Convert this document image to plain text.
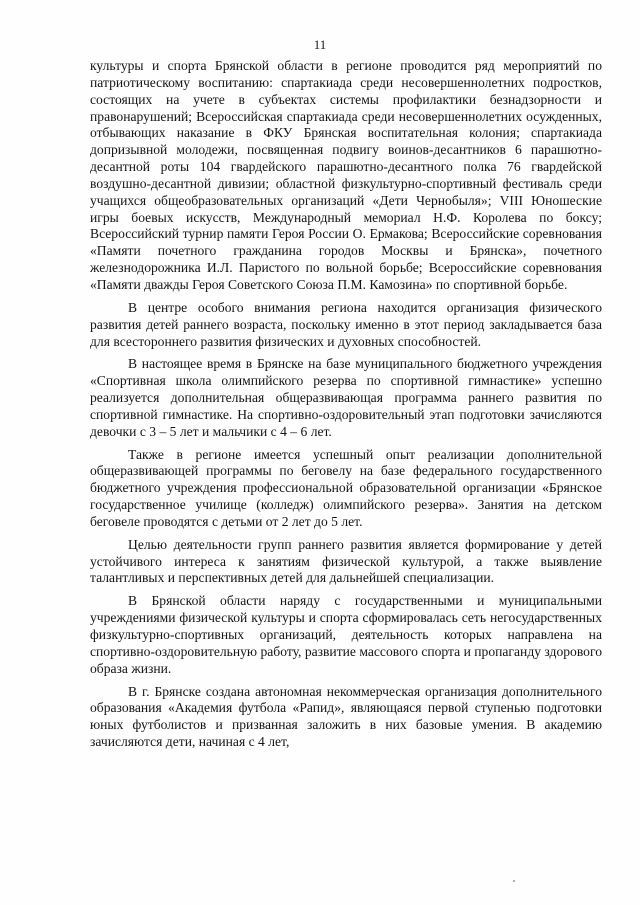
11

культуры и спорта Брянской области в регионе проводится ряд мероприятий по патриотическому воспитанию: спартакиада среди несовершеннолетних подростков, состоящих на учете в субъектах системы профилактики безнадзорности и правонарушений; Всероссийская спартакиада среди несовершеннолетних осужденных, отбывающих наказание в ФКУ Брянская воспитательная колония; спартакиада допризывной молодежи, посвященная подвигу воинов-десантников 6 парашютно-десантной роты 104 гвардейского парашютно-десантного полка 76 гвардейской воздушно-десантной дивизии; областной физкультурно-спортивный фестиваль среди учащихся общеобразовательных организаций «Дети Чернобыля»; VIII Юношеские игры боевых искусств, Международный мемориал Н.Ф. Королева по боксу; Всероссийский турнир памяти Героя России О. Ермакова; Всероссийские соревнования «Памяти почетного гражданина городов Москвы и Брянска», почетного железнодорожника И.Л. Паристого по вольной борьбе; Всероссийские соревнования «Памяти дважды Героя Советского Союза П.М. Камозина» по спортивной борьбе.

В центре особого внимания региона находится организация физического развития детей раннего возраста, поскольку именно в этот период закладывается база для всестороннего развития физических и духовных способностей.

В настоящее время в Брянске на базе муниципального бюджетного учреждения «Спортивная школа олимпийского резерва по спортивной гимнастике» успешно реализуется дополнительная общеразвивающая программа раннего развития по спортивной гимнастике. На спортивно-оздоровительный этап подготовки зачисляются девочки с 3 – 5 лет и мальчики с 4 – 6 лет.

Также в регионе имеется успешный опыт реализации дополнительной общеразвивающей программы по беговелу на базе федерального государственного бюджетного учреждения профессиональной образовательной организации «Брянское государственное училище (колледж) олимпийского резерва». Занятия на детском беговеле проводятся с детьми от 2 лет до 5 лет.

Целью деятельности групп раннего развития является формирование у детей устойчивого интереса к занятиям физической культурой, а также выявление талантливых и перспективных детей для дальнейшей специализации.

В Брянской области наряду с государственными и муниципальными учреждениями физической культуры и спорта сформировалась сеть негосударственных физкультурно-спортивных организаций, деятельность которых направлена на спортивно-оздоровительную работу, развитие массового спорта и пропаганду здорового образа жизни.

В г. Брянске создана автономная некоммерческая организация дополнительного образования «Академия футбола «Рапид», являющаяся первой ступенью подготовки юных футболистов и призванная заложить в них базовые умения. В академию зачисляются дети, начиная с 4 лет,
